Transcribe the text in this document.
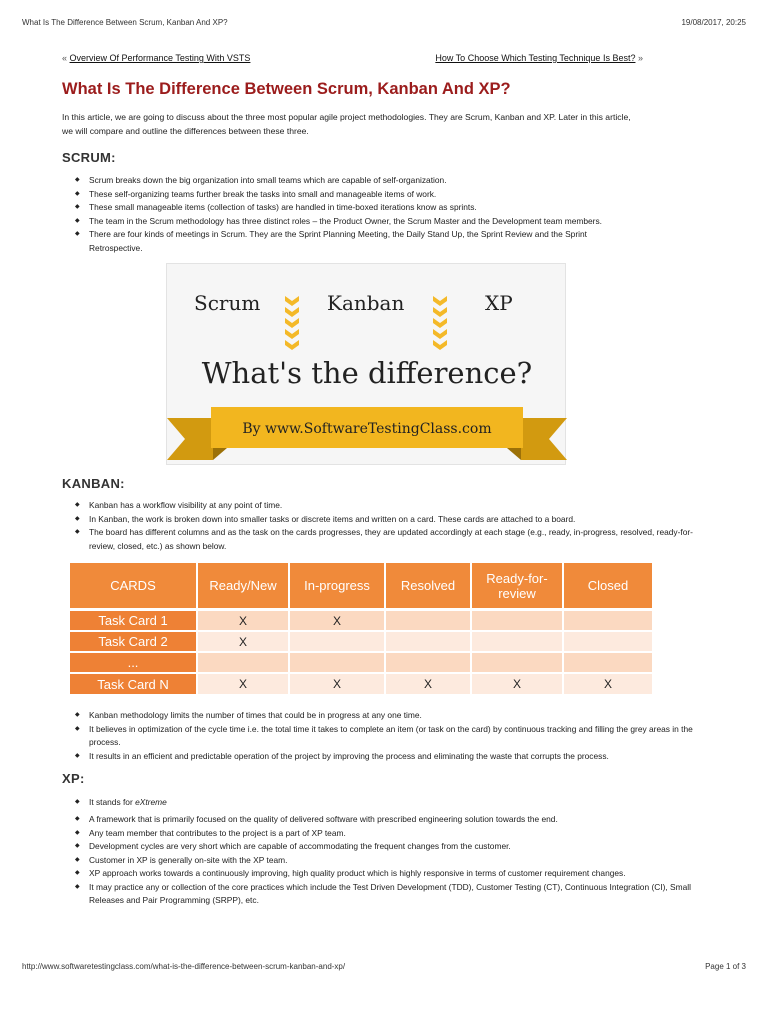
What Is The Difference Between Scrum, Kanban And XP?	19/08/2017, 20:25
« Overview Of Performance Testing With VSTS	How To Choose Which Testing Technique Is Best? »
What Is The Difference Between Scrum, Kanban And XP?
In this article, we are going to discuss about the three most popular agile project methodologies. They are Scrum, Kanban and XP. Later in this article,
we will compare and outline the differences between these three.
SCRUM:
◆ Scrum breaks down the big organization into small teams which are capable of self-organization.
◆ These self-organizing teams further break the tasks into small and manageable items of work.
◆ These small manageable items (collection of tasks) are handled in time-boxed iterations know as sprints.
◆ The team in the Scrum methodology has three distinct roles – the Product Owner, the Scrum Master and the Development team members.
◆ There are four kinds of meetings in Scrum. They are the Sprint Planning Meeting, the Daily Stand Up, the Sprint Review and the Sprint Retrospective.
Scrum	Kanban	XP
What's the difference?
By www.SoftwareTestingClass.com
KANBAN:
◆ Kanban has a workflow visibility at any point of time.
◆ In Kanban, the work is broken down into smaller tasks or discrete items and written on a card. These cards are attached to a board.
◆ The board has different columns and as the task on the cards progresses, they are updated accordingly at each stage (e.g., ready, in-progress, resolved, ready-for-review, closed, etc.) as shown below.
CARDS	Ready/New	In-progress	Resolved	Ready-for-review	Closed
Task Card 1	X	X
Task Card 2	X
...
Task Card N	X	X	X	X	X
◆ Kanban methodology limits the number of times that could be in progress at any one time.
◆ It believes in optimization of the cycle time i.e. the total time it takes to complete an item (or task on the card) by continuous tracking and filling the grey areas in the process.
◆ It results in an efficient and predictable operation of the project by improving the process and eliminating the waste that corrupts the process.
XP:
◆ It stands for eXtreme
◆ A framework that is primarily focused on the quality of delivered software with prescribed engineering solution towards the end.
◆ Any team member that contributes to the project is a part of XP team.
◆ Development cycles are very short which are capable of accommodating the frequent changes from the customer.
◆ Customer in XP is generally on-site with the XP team.
◆ XP approach works towards a continuously improving, high quality product which is highly responsive in terms of customer requirement changes.
◆ It may practice any or collection of the core practices which include the Test Driven Development (TDD), Customer Testing (CT), Continuous Integration (CI), Small Releases and Pair Programming (SRPP), etc.
http://www.softwaretestingclass.com/what-is-the-difference-between-scrum-kanban-and-xp/	Page 1 of 3
